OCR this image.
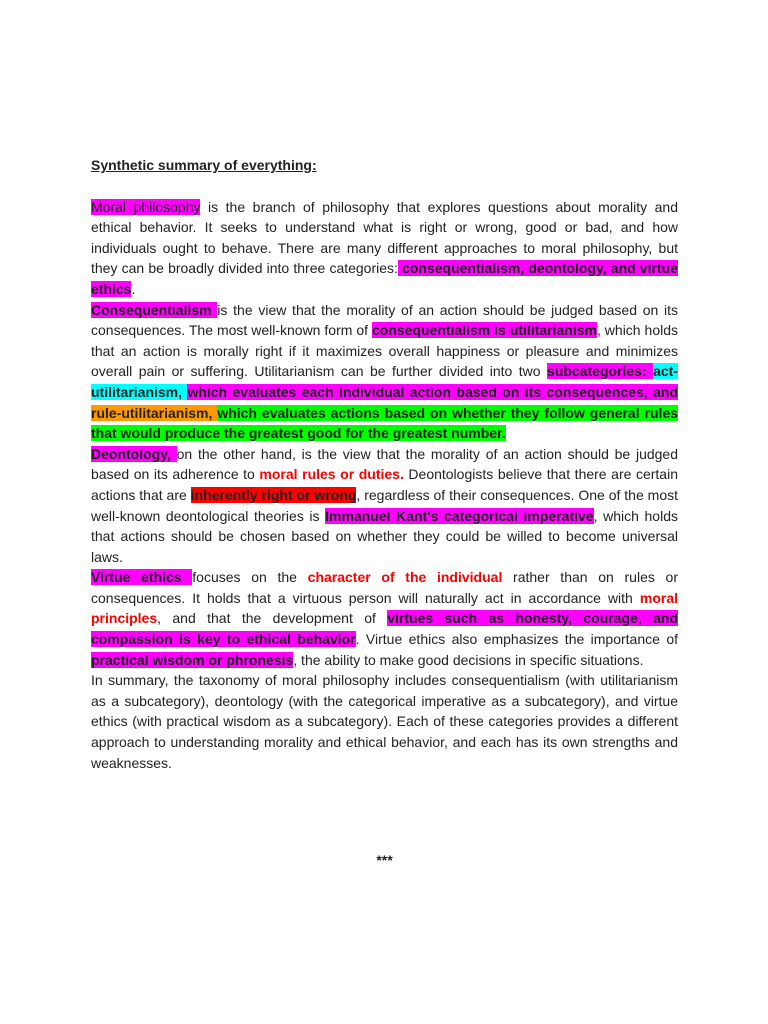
Synthetic summary of everything:

Moral philosophy is the branch of philosophy that explores questions about morality and ethical behavior. It seeks to understand what is right or wrong, good or bad, and how individuals ought to behave. There are many different approaches to moral philosophy, but they can be broadly divided into three categories: consequentialism, deontology, and virtue ethics.

Consequentialism is the view that the morality of an action should be judged based on its consequences. The most well-known form of consequentialism is utilitarianism, which holds that an action is morally right if it maximizes overall happiness or pleasure and minimizes overall pain or suffering. Utilitarianism can be further divided into two subcategories: act-utilitarianism, which evaluates each individual action based on its consequences, and rule-utilitarianism, which evaluates actions based on whether they follow general rules that would produce the greatest good for the greatest number.

Deontology, on the other hand, is the view that the morality of an action should be judged based on its adherence to moral rules or duties. Deontologists believe that there are certain actions that are inherently right or wrong, regardless of their consequences. One of the most well-known deontological theories is Immanuel Kant's categorical imperative, which holds that actions should be chosen based on whether they could be willed to become universal laws.

Virtue ethics focuses on the character of the individual rather than on rules or consequences. It holds that a virtuous person will naturally act in accordance with moral principles, and that the development of virtues such as honesty, courage, and compassion is key to ethical behavior. Virtue ethics also emphasizes the importance of practical wisdom or phronesis, the ability to make good decisions in specific situations.

In summary, the taxonomy of moral philosophy includes consequentialism (with utilitarianism as a subcategory), deontology (with the categorical imperative as a subcategory), and virtue ethics (with practical wisdom as a subcategory). Each of these categories provides a different approach to understanding morality and ethical behavior, and each has its own strengths and weaknesses.

***
